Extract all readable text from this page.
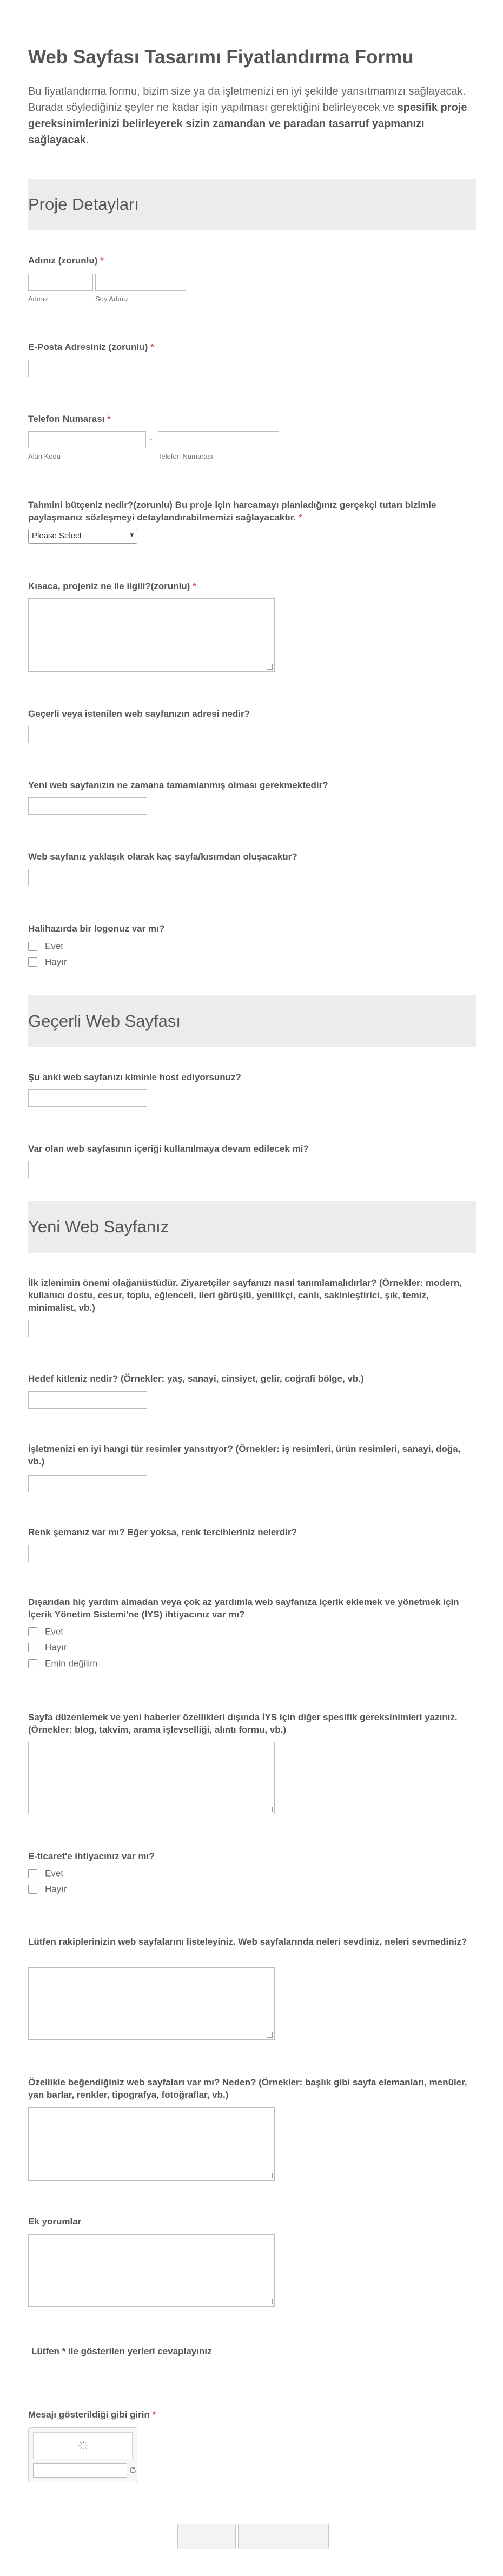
Web Sayfası Tasarımı Fiyatlandırma Formu
Bu fiyatlandırma formu, bizim size ya da işletmenizi en iyi şekilde yansıtmamızı sağlayacak. Burada söylediğiniz şeyler ne kadar işin yapılması gerektiğini belirleyecek ve spesifik proje gereksinimlerinizi belirleyerek sizin zamandan ve paradan tasarruf yapmanızı sağlayacak.
Proje Detayları
Adınız (zorunlu) *
Adınız	Soy Adınız
E-Posta Adresiniz (zorunlu) *
Telefon Numarası *
-
Alan Kodu	Telefon Numarası
Tahmini bütçeniz nedir?(zorunlu) Bu proje için harcamayı planladığınız gerçekçi tutarı bizimle paylaşmanız sözleşmeyi detaylandırabilmemizi sağlayacaktır. *
Please Select	▾
Kısaca, projeniz ne ile ilgili?(zorunlu) *
Geçerli veya istenilen web sayfanızın adresi nedir?
Yeni web sayfanızın ne zamana tamamlanmış olması gerekmektedir?
Web sayfanız yaklaşık olarak kaç sayfa/kısımdan oluşacaktır?
Halihazırda bir logonuz var mı?
Evet
Hayır
Geçerli Web Sayfası
Şu anki web sayfanızı kiminle host ediyorsunuz?
Var olan web sayfasının içeriği kullanılmaya devam edilecek mi?
Yeni Web Sayfanız
İlk izlenimin önemi olağanüstüdür. Ziyaretçiler sayfanızı nasıl tanımlamalıdırlar? (Örnekler: modern, kullanıcı dostu, cesur, toplu, eğlenceli, ileri görüşlü, yenilikçi, canlı, sakinleştirici, şık, temiz, minimalist, vb.)
Hedef kitleniz nedir? (Örnekler: yaş, sanayi, cinsiyet, gelir, coğrafi bölge, vb.)
İşletmenizi en iyi hangi tür resimler yansıtıyor? (Örnekler: iş resimleri, ürün resimleri, sanayi, doğa, vb.)
Renk şemanız var mı? Eğer yoksa, renk tercihleriniz nelerdir?
Dışarıdan hiç yardım almadan veya çok az yardımla web sayfanıza içerik eklemek ve yönetmek için İçerik Yönetim Sistemi'ne (İYS) ihtiyacınız var mı?
Evet
Hayır
Emin değilim
Sayfa düzenlemek ve yeni haberler özellikleri dışında İYS için diğer spesifik gereksinimleri yazınız. (Örnekler: blog, takvim, arama işlevselliği, alıntı formu, vb.)
E-ticaret'e ihtiyacınız var mı?
Evet
Hayır
Lütfen rakiplerinizin web sayfalarını listeleyiniz. Web sayfalarında neleri sevdiniz, neleri sevmediniz?
Özellikle beğendiğiniz web sayfaları var mı? Neden? (Örnekler: başlık gibi sayfa elemanları, menüler, yan barlar, renkler, tipografya, fotoğraflar, vb.)
Ek yorumlar
Lütfen * ile gösterilen yerleri cevaplayınız
Mesajı gösterildiği gibi girin *
